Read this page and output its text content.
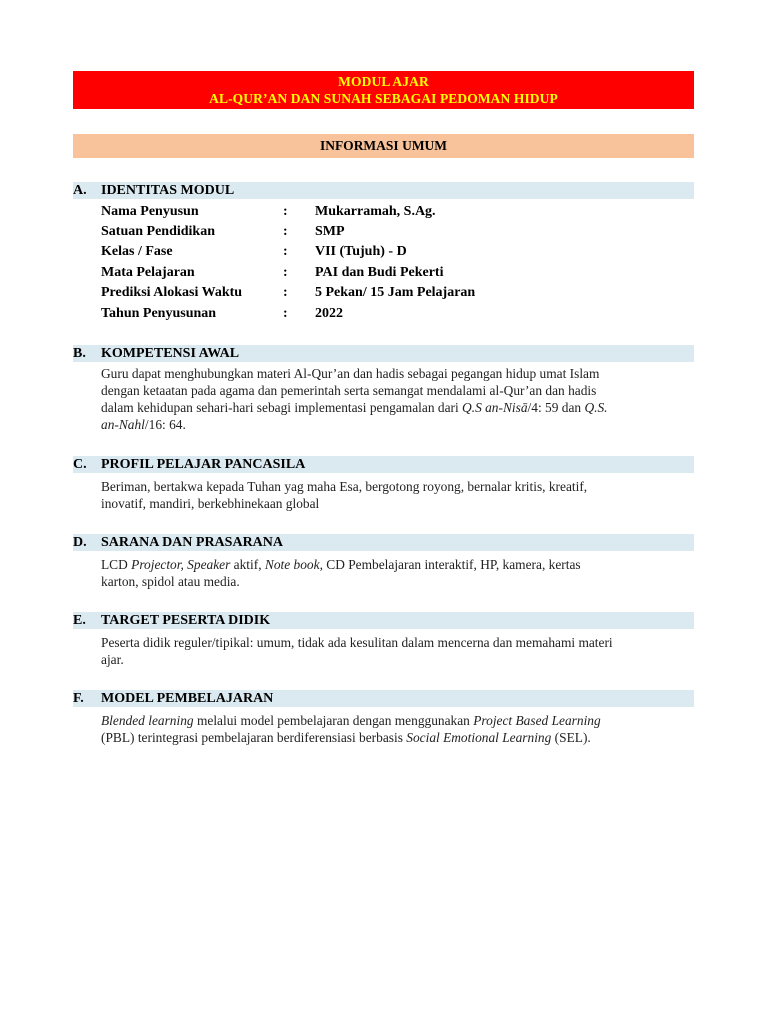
MODUL AJAR
AL-QUR’AN DAN SUNAH SEBAGAI PEDOMAN HIDUP
INFORMASI UMUM
A. IDENTITAS MODUL
Nama Penyusun	: Mukarramah, S.Ag.
Satuan Pendidikan	: SMP
Kelas / Fase	: VII (Tujuh) - D
Mata Pelajaran	: PAI dan Budi Pekerti
Prediksi Alokasi Waktu	: 5 Pekan/ 15 Jam Pelajaran
Tahun Penyusunan	: 2022
B. KOMPETENSI AWAL
Guru dapat menghubungkan materi Al-Qur’an dan hadis sebagai pegangan hidup umat Islam
dengan ketaatan pada agama dan pemerintah serta semangat mendalami al-Qur’an dan hadis
dalam kehidupan sehari-hari sebagi implementasi pengamalan dari Q.S an-Nisā/4: 59 dan Q.S.
an-Nahl/16: 64.
C. PROFIL PELAJAR PANCASILA
Beriman, bertakwa kepada Tuhan yag maha Esa, bergotong royong, bernalar kritis, kreatif,
inovatif, mandiri, berkebhinekaan global
D. SARANA DAN PRASARANA
LCD Projector, Speaker aktif, Note book, CD Pembelajaran interaktif, HP, kamera, kertas
karton, spidol atau media.
E. TARGET PESERTA DIDIK
Peserta didik reguler/tipikal: umum, tidak ada kesulitan dalam mencerna dan memahami materi
ajar.
F. MODEL PEMBELAJARAN
Blended learning melalui model pembelajaran dengan menggunakan Project Based Learning
(PBL) terintegrasi pembelajaran berdiferensiasi berbasis Social Emotional Learning (SEL).
